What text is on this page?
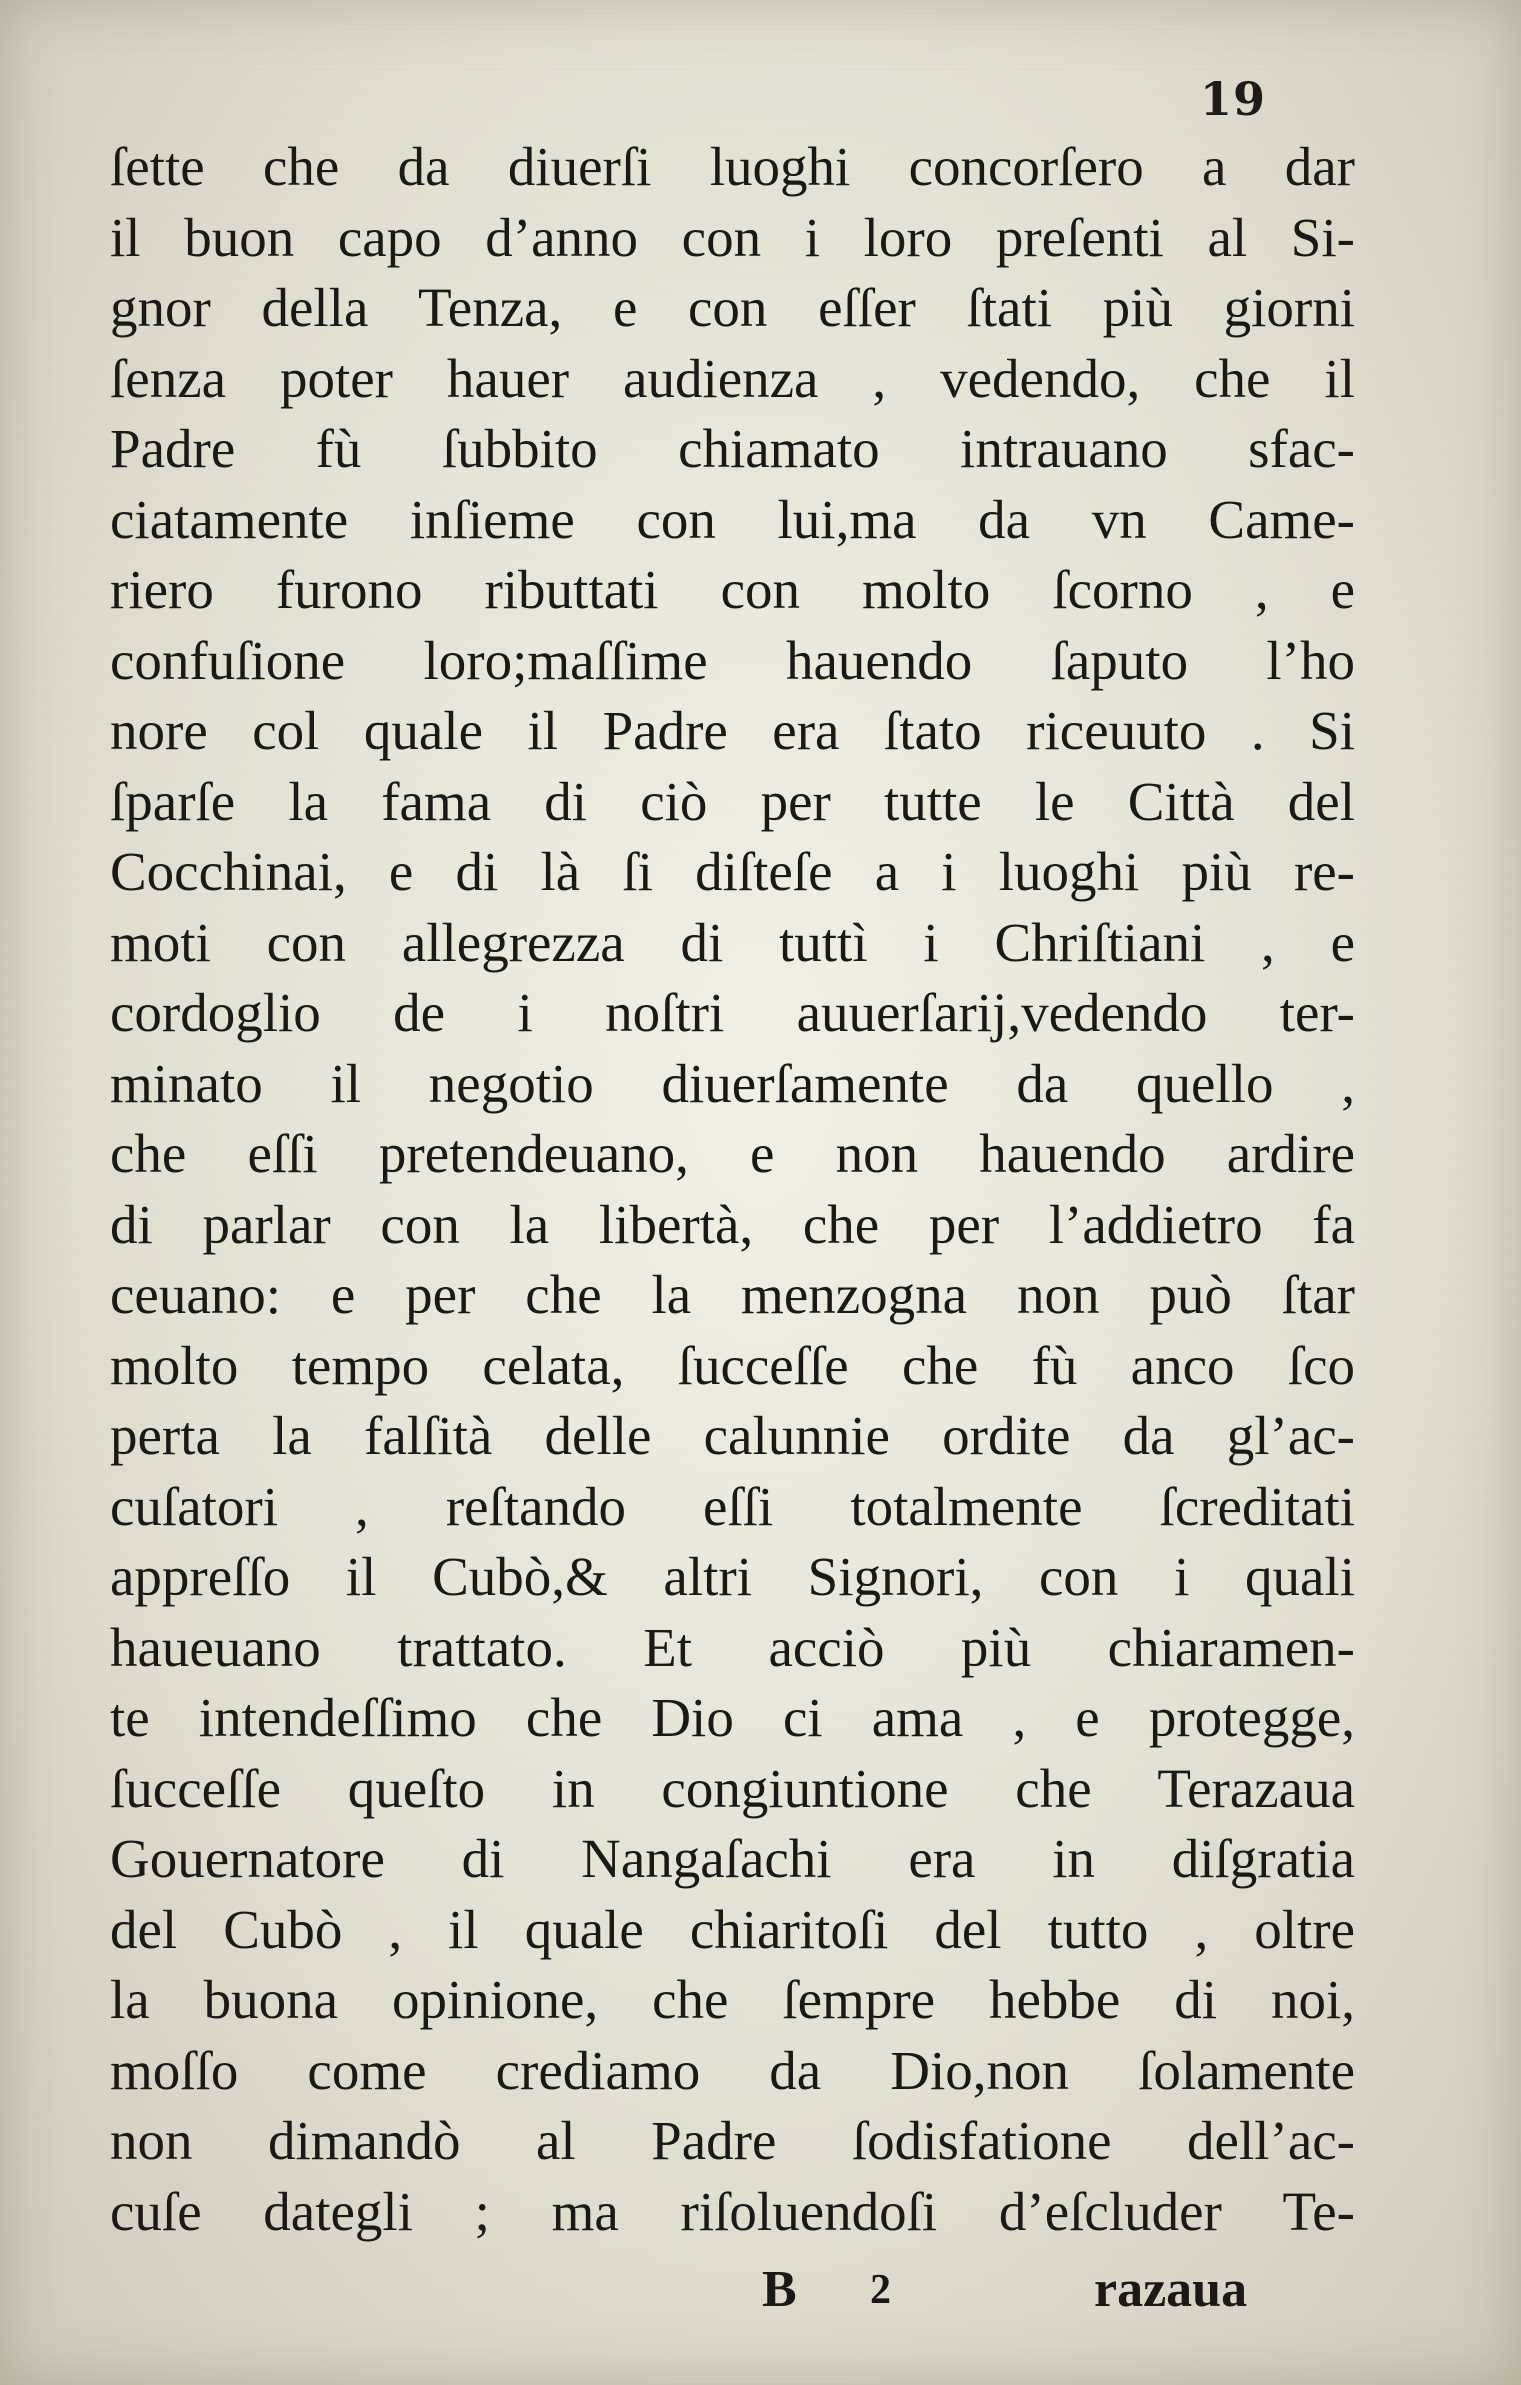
19
ſette che da diuerſi luoghi concorſero a dar
il buon capo d’anno con i loro preſenti al Si-
gnor della Tenza, e con eſſer ſtati più giorni
ſenza poter hauer audienza , vedendo, che il
Padre fù ſubbito chiamato intrauano sfac-
ciatamente inſieme con lui,ma da vn Came-
riero furono ributtati con molto ſcorno , e
confuſione loro;maſſime hauendo ſaputo l’ho
nore col quale il Padre era ſtato riceuuto . Si
ſparſe la fama di ciò per tutte le Città del
Cocchinai, e di là ſi diſteſe a i luoghi più re-
moti con allegrezza di tuttì i Chriſtiani , e
cordoglio de i noſtri auuerſarij,vedendo ter-
minato il negotio diuerſamente da quello ,
che eſſi pretendeuano, e non hauendo ardire
di parlar con la libertà, che per l’addietro fa
ceuano: e per che la menzogna non può ſtar
molto tempo celata, ſucceſſe che fù anco ſco
perta la falſità delle calunnie ordite da gl’ac-
cuſatori , reſtando eſſi totalmente ſcreditati
appreſſo il Cubò,& altri Signori, con i quali
haueuano trattato. Et acciò più chiaramen-
te intendeſſimo che Dio ci ama , e protegge,
ſucceſſe queſto in congiuntione che Terazaua
Gouernatore di Nangaſachi era in diſgratia
del Cubò , il quale chiaritoſi del tutto , oltre
la buona opinione, che ſempre hebbe di noi,
moſſo come crediamo da Dio,non ſolamente
non dimandò al Padre ſodisfatione dell’ac-
cuſe dategli ; ma riſoluendoſi d’eſcluder Te-
B 2	razaua
